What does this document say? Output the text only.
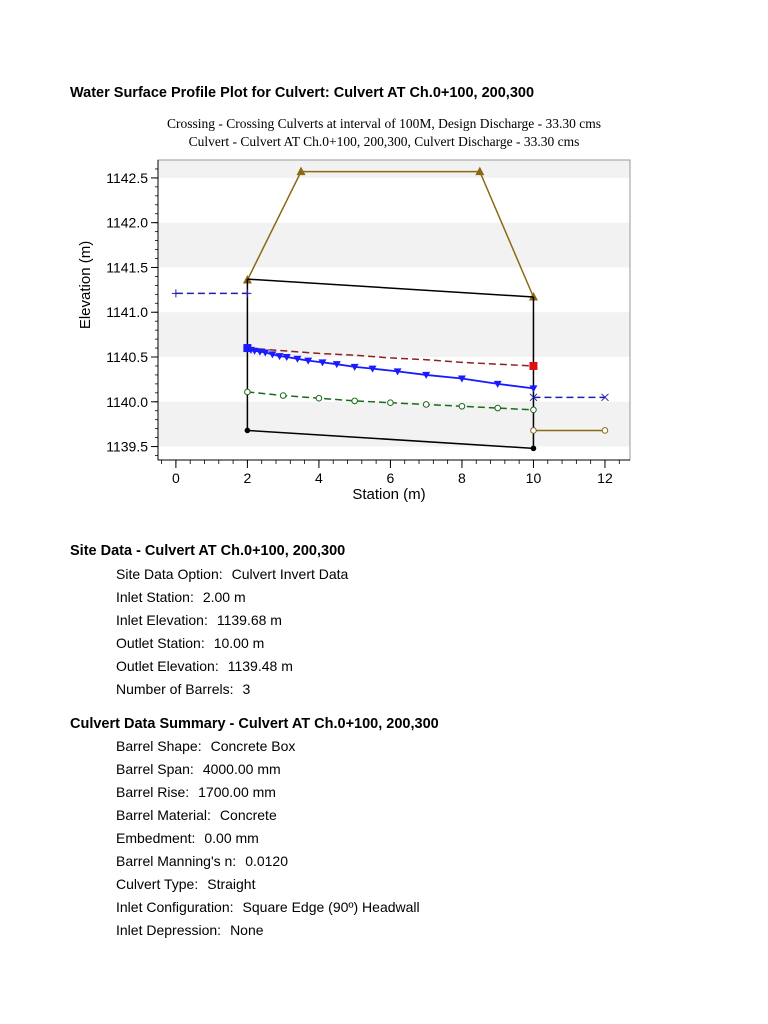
Water Surface Profile Plot for Culvert: Culvert AT Ch.0+100, 200,300
Crossing - Crossing Culverts at interval of 100M, Design Discharge - 33.30 cms
Culvert - Culvert AT Ch.0+100, 200,300, Culvert Discharge - 33.30 cms
1139.5
1140.0
1140.5
1141.0
1141.5
1142.0
1142.5
0	2	4	6	8	10	12
Station (m)
Elevation (m)
Site Data - Culvert AT Ch.0+100, 200,300
Site Data Option: Culvert Invert Data
Inlet Station: 2.00 m
Inlet Elevation: 1139.68 m
Outlet Station: 10.00 m
Outlet Elevation: 1139.48 m
Number of Barrels: 3
Culvert Data Summary - Culvert AT Ch.0+100, 200,300
Barrel Shape: Concrete Box
Barrel Span: 4000.00 mm
Barrel Rise: 1700.00 mm
Barrel Material: Concrete
Embedment: 0.00 mm
Barrel Manning's n: 0.0120
Culvert Type: Straight
Inlet Configuration: Square Edge (90º) Headwall
Inlet Depression: None
